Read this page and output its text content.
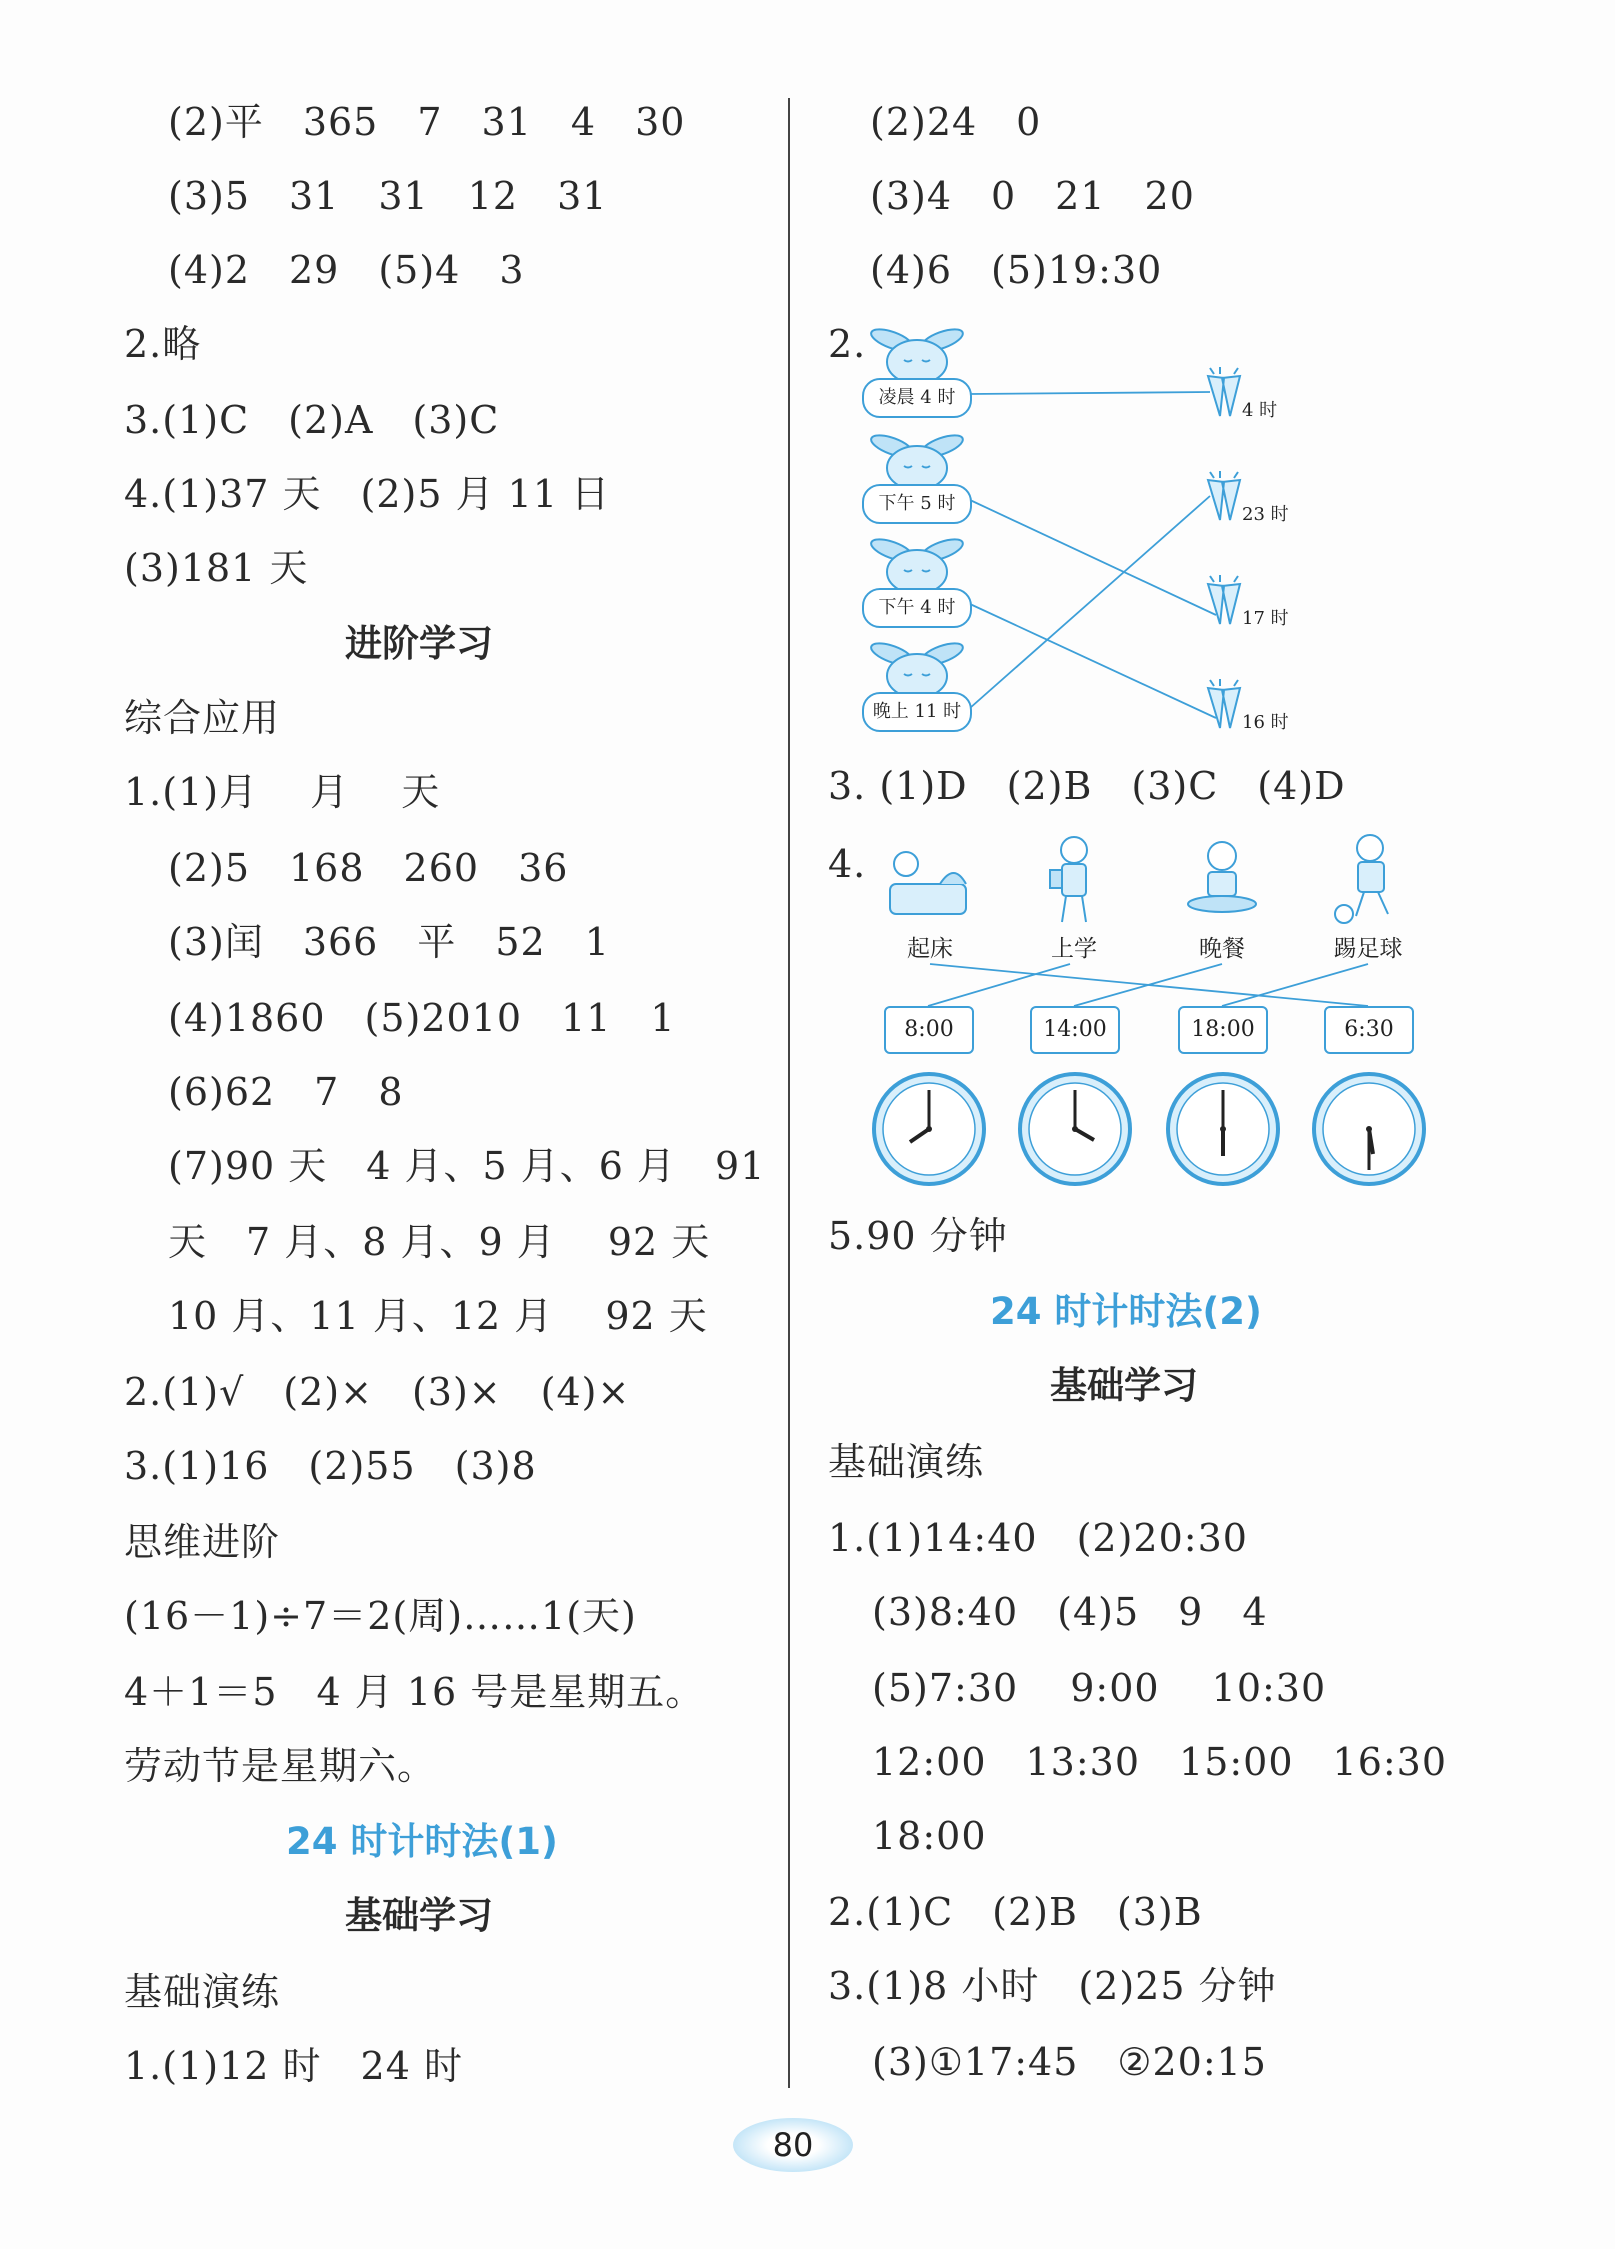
(2)平　365　7　31　4　30
(3)5　31　31　12　31
(4)2　29　(5)4　3
2.略
3.(1)C　(2)A　(3)C
4.(1)37 天　(2)5 月 11 日
(3)181 天
进阶学习
综合应用
1.(1)月　 月　 天
(2)5　168　260　36
(3)闰　366　平　52　1
(4)1860　(5)2010　11　1
(6)62　7　8
(7)90 天　4 月、5 月、6 月　91
天　7 月、8 月、9 月　 92 天
10 月、11 月、12 月　 92 天
2.(1)√　(2)×　(3)×　(4)×
3.(1)16　(2)55　(3)8
思维进阶
(16－1)÷7＝2(周)……1(天)
4＋1＝5　4 月 16 号是星期五。
劳动节是星期六。
24 时计时法(1)
基础学习
基础演练
1.(1)12 时　24 时
(2)24　0
(3)4　0　21　20
(4)6　(5)19:30
2.
凌晨 4 时
下午 5 时
下午 4 时
晚上 11 时
4 时
23 时
17 时
16 时
3. (1)D　(2)B　(3)C　(4)D
4.
起床	上学	晚餐	踢足球
8:00	14:00	18:00	6:30
5.90 分钟
24 时计时法(2)
基础学习
基础演练
1.(1)14:40　(2)20:30
(3)8:40　(4)5　9　4
(5)7:30　 9:00　 10:30
12:00　13:30　15:00　16:30
18:00
2.(1)C　(2)B　(3)B
3.(1)8 小时　(2)25 分钟
(3)①17:45　②20:15
80
